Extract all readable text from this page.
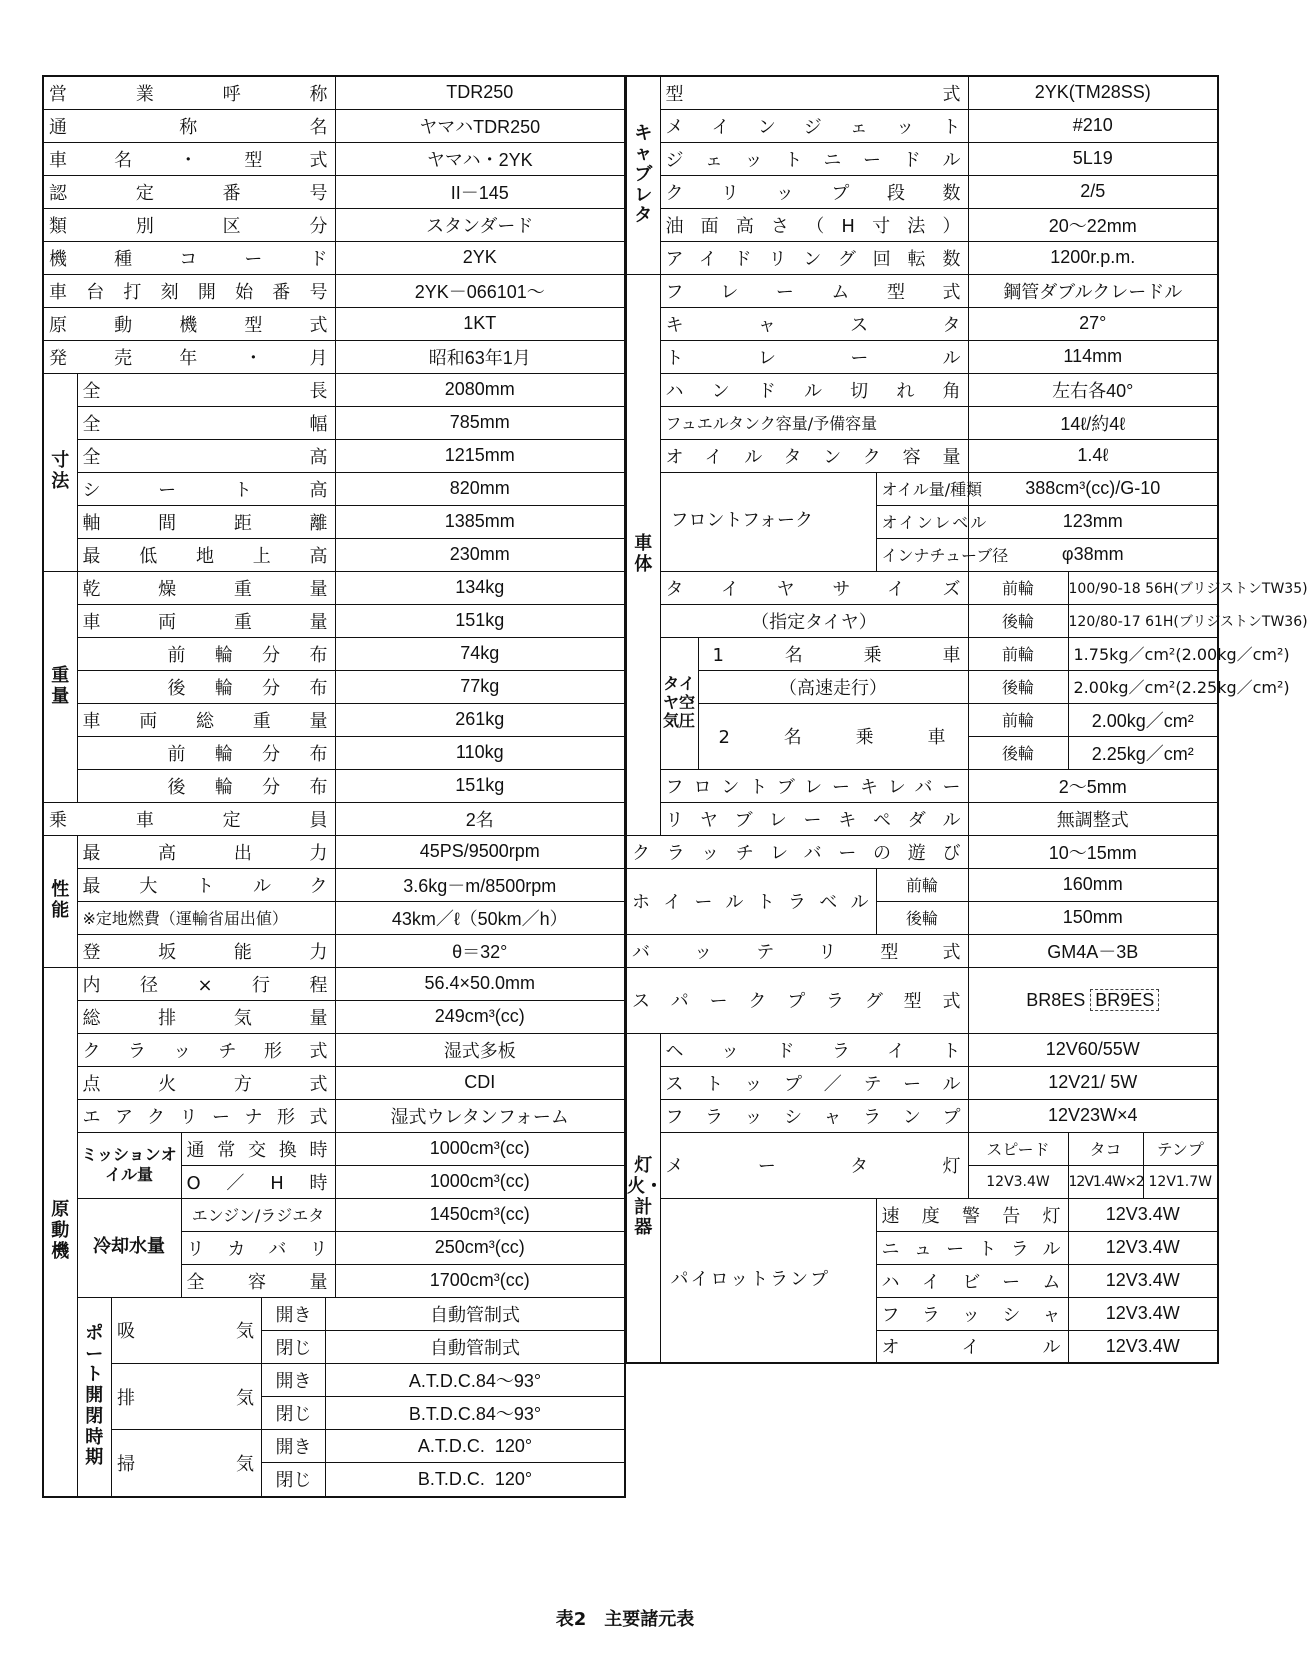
営業呼称	TDR250
通称名	ヤマハTDR250
車名・型式	ヤマハ・2YK
認定番号	II－145
類別区分	スタンダード
機種コード	2YK
車台打刻開始番号	2YK－066101～
原動機型式	1KT
発売年・月	昭和63年1月
寸法	全長	2080mm
全幅	785mm
全高	1215mm
シート高	820mm
軸間距離	1385mm
最低地上高	230mm
重量	乾燥重量	134kg
車両重量	151kg
前輪分布	74kg
後輪分布	77kg
車両総重量	261kg
前輪分布	110kg
後輪分布	151kg
乗車定員	2名
性能	最高出力	45PS/9500rpm
最大トルク	3.6kg－m/8500rpm
※定地燃費（運輸省届出値）	43km／ℓ（50km／h）
登坂能力	θ＝32°
原動機	内径×行程	56.4×50.0mm
総排気量	249cm³(cc)
クラッチ形式	湿式多板
点火方式	CDI
エアクリーナ形式	湿式ウレタンフォーム
ミッションオイル量	通常交換時	1000cm³(cc)
O／H時	1000cm³(cc)
冷却水量	エンジン/ラジエタ	1450cm³(cc)
リカバリ	250cm³(cc)
全容量	1700cm³(cc)

ポート開閉時期	吸気	開き	自動管制式
閉じ	自動管制式
排気	開き	A.T.D.C.84～93°
閉じ	B.T.D.C.84～93°
掃気	開き	A.T.D.C.  120°
閉じ	B.T.D.C.  120°

キャブレタ	型式			2YK(TM28SS)		
	メインジェット			#210		
	ジェットニードル			5L19		
	クリップ段数			2/5		
	油面高さ（H寸法）			20～22mm		
	アイドリング回転数			1200r.p.m.		
車体	フレーム型式			鋼管ダブルクレードル		
	キャスタ			27°		
	トレール			114mm		
	ハンドル切れ角			左右各40°		
	フュエルタンク容量/予備容量			14ℓ/約4ℓ		
	オイルタンク容量			1.4ℓ		
	フロントフォーク		オイル量/種類	388cm³(cc)/G-10		
			オインレベル	123mm		
			インナチューブ径	φ38mm		
	タイヤサイズ			前輪	100/90-18 56H(ブリジストンTW35)	
	（指定タイヤ）			後輪	120/80-17 61H(ブリジストンTW36)	
	タイヤ空気圧	1名乗車		前輪	1.75kg／cm²(2.00kg／cm²)	
		（高速走行）		後輪	2.00kg／cm²(2.25kg／cm²)	
		2名乗車		前輪	2.00kg／cm²	
				後輪	2.25kg／cm²	
	フロントブレーキレバー			2～5mm		
	リヤブレーキペダル			無調整式		
クラッチレバーの遊び				10～15mm		
ホイールトラベル			前輪	160mm		
			後輪	150mm		
バッテリ型式				GM4A－3B		
スパークプラグ型式				BR8ES BR9ES		
灯火・計器	ヘッドライト			12V60/55W		
	ストップ／テール			12V21/ 5W		
	フラッシャランプ			12V23W×4		
	メータ灯			スピード	タコ	テンプ
				12V3.4W	12V1.4W×2	12V1.7W
	パイロットランプ		速度警告灯		12V3.4W	
			ニュートラル		12V3.4W	
			ハイビーム		12V3.4W	
			フラッシャ		12V3.4W	
			オイル		12V3.4W	
表2　主要諸元表
